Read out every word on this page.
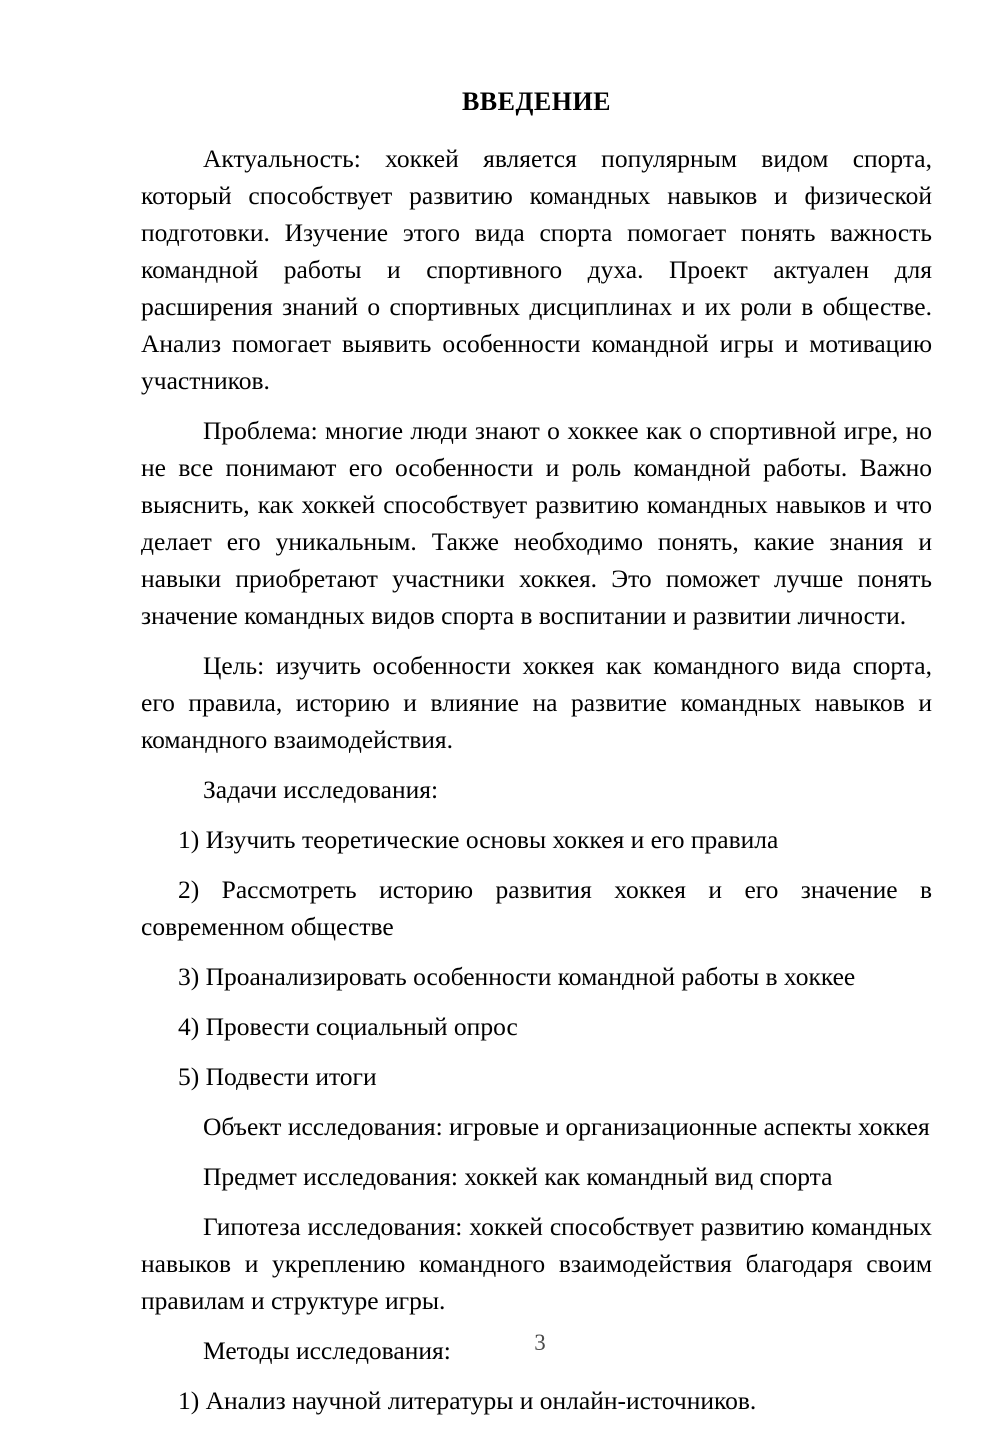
ВВЕДЕНИЕ

Актуальность: хоккей является популярным видом спорта, который способствует развитию командных навыков и физической подготовки. Изучение этого вида спорта помогает понять важность командной работы и спортивного духа. Проект актуален для расширения знаний о спортивных дисциплинах и их роли в обществе. Анализ помогает выявить особенности командной игры и мотивацию участников.

Проблема: многие люди знают о хоккее как о спортивной игре, но не все понимают его особенности и роль командной работы. Важно выяснить, как хоккей способствует развитию командных навыков и что делает его уникальным. Также необходимо понять, какие знания и навыки приобретают участники хоккея. Это поможет лучше понять значение командных видов спорта в воспитании и развитии личности.

Цель: изучить особенности хоккея как командного вида спорта, его правила, историю и влияние на развитие командных навыков и командного взаимодействия.

Задачи исследования:

1) Изучить теоретические основы хоккея и его правила

2) Рассмотреть историю развития хоккея и его значение в современном обществе

3) Проанализировать особенности командной работы в хоккее

4) Провести социальный опрос

5) Подвести итоги

Объект исследования: игровые и организационные аспекты хоккея

Предмет исследования: хоккей как командный вид спорта

Гипотеза исследования: хоккей способствует развитию командных навыков и укреплению командного взаимодействия благодаря своим правилам и структуре игры.

Методы исследования:

1) Анализ научной литературы и онлайн-источников.

3
